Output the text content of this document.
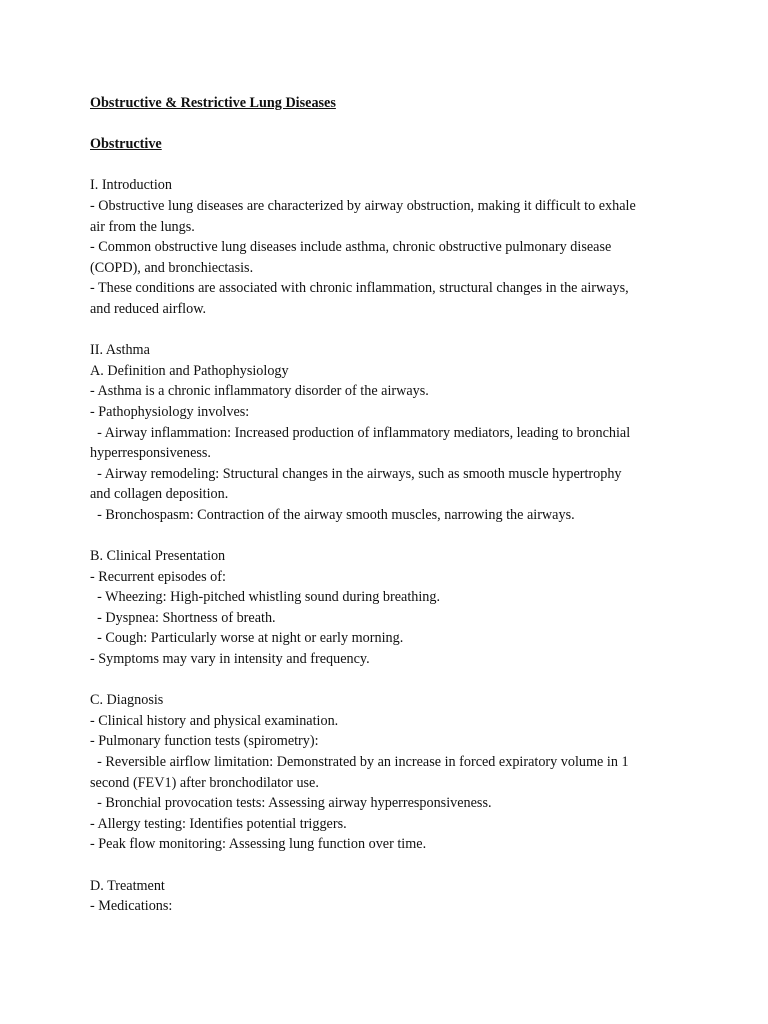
Obstructive & Restrictive Lung Diseases
Obstructive
I. Introduction
- Obstructive lung diseases are characterized by airway obstruction, making it difficult to exhale
air from the lungs.
- Common obstructive lung diseases include asthma, chronic obstructive pulmonary disease
(COPD), and bronchiectasis.
- These conditions are associated with chronic inflammation, structural changes in the airways,
and reduced airflow.
II. Asthma
A. Definition and Pathophysiology
- Asthma is a chronic inflammatory disorder of the airways.
- Pathophysiology involves:
- Airway inflammation: Increased production of inflammatory mediators, leading to bronchial
hyperresponsiveness.
- Airway remodeling: Structural changes in the airways, such as smooth muscle hypertrophy
and collagen deposition.
- Bronchospasm: Contraction of the airway smooth muscles, narrowing the airways.
B. Clinical Presentation
- Recurrent episodes of:
- Wheezing: High-pitched whistling sound during breathing.
- Dyspnea: Shortness of breath.
- Cough: Particularly worse at night or early morning.
- Symptoms may vary in intensity and frequency.
C. Diagnosis
- Clinical history and physical examination.
- Pulmonary function tests (spirometry):
- Reversible airflow limitation: Demonstrated by an increase in forced expiratory volume in 1
second (FEV1) after bronchodilator use.
- Bronchial provocation tests: Assessing airway hyperresponsiveness.
- Allergy testing: Identifies potential triggers.
- Peak flow monitoring: Assessing lung function over time.
D. Treatment
- Medications:
